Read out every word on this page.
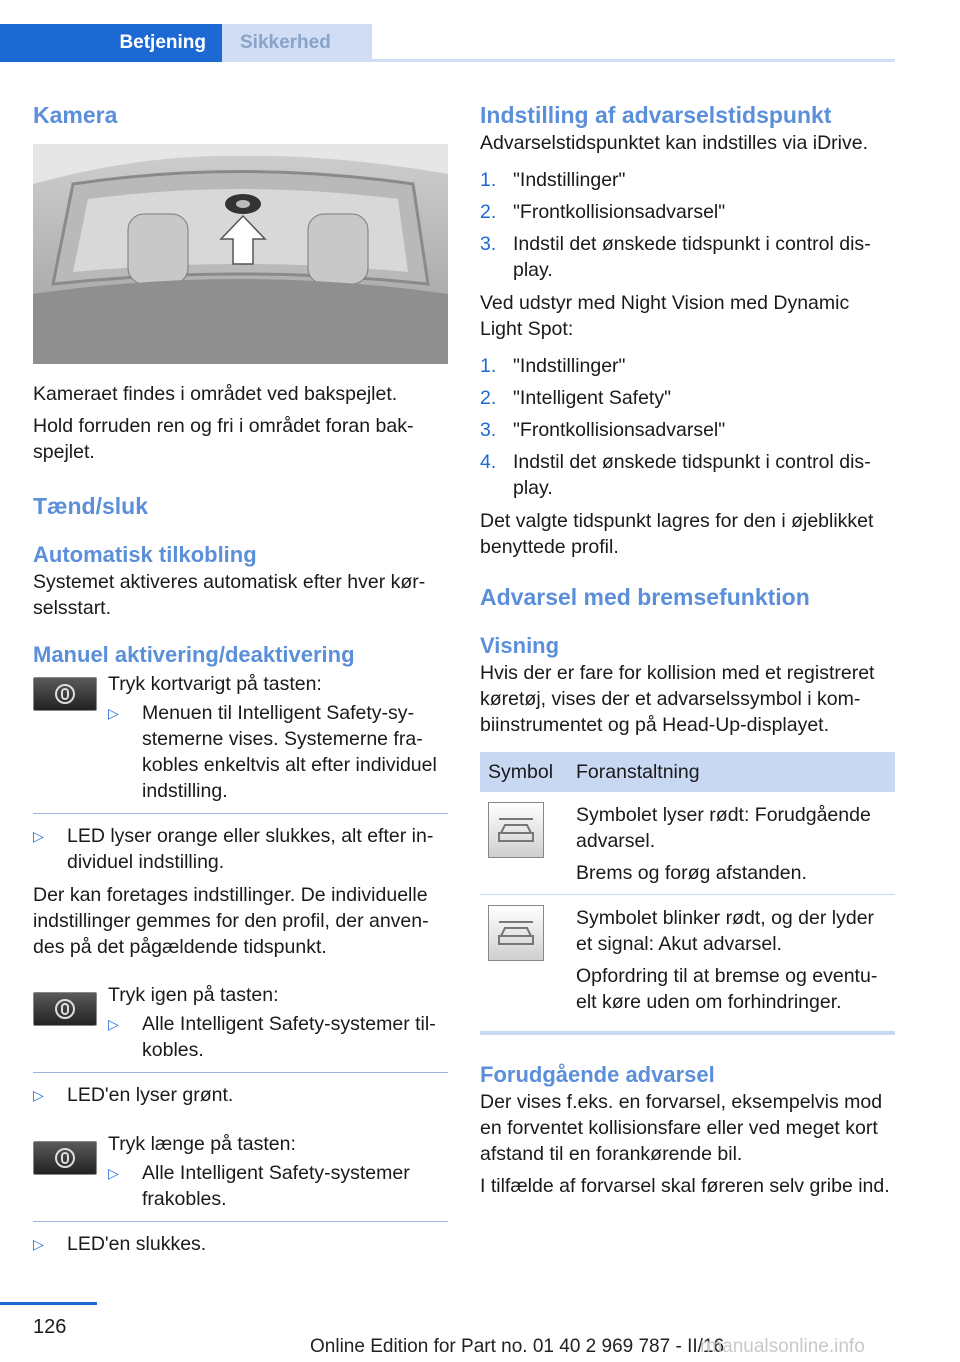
Betjening Sikkerhed
Kamera

Kameraet findes i området ved bakspejlet.

Hold forruden ren og fri i området foran bakspejlet.

Tænd/sluk
Automatisk tilkobling

Systemet aktiveres automatisk efter hver kørselsstart.

Manuel aktivering/deaktivering

Tryk kortvarigt på tasten:

▷	Menuen til Intelligent Safety-systemerne vises. Systemerne frakobles enkeltvis alt efter individuel indstilling.
▷	LED lyser orange eller slukkes, alt efter individuel indstilling.

Der kan foretages indstillinger. De individuelle indstillinger gemmes for den profil, der anvendes på det pågældende tidspunkt.

Tryk igen på tasten:

▷	Alle Intelligent Safety-systemer tilkobles.
▷	LED'en lyser grønt.

Tryk længe på tasten:

▷	Alle Intelligent Safety-systemer frakobles.
▷	LED'en slukkes.
Indstilling af advarselstidspunkt

Advarselstidspunktet kan indstilles via iDrive.

1. "Indstillinger"
2. "Frontkollisionsadvarsel"
3. Indstil det ønskede tidspunkt i control display.

Ved udstyr med Night Vision med Dynamic Light Spot:

1. "Indstillinger"
2. "Intelligent Safety"
3. "Frontkollisionsadvarsel"
4. Indstil det ønskede tidspunkt i control display.

Det valgte tidspunkt lagres for den i øjeblikket benyttede profil.

Advarsel med bremsefunktion
Visning

Hvis der er fare for kollision med et registreret køretøj, vises der et advarselssymbol i kombiinstrumentet og på Head-Up-displayet.

Symbol	Foranstaltning

Symbolet lyser rødt: Forudgående advarsel.
Brems og forøg afstanden.

Symbolet blinker rødt, og der lyder et signal: Akut advarsel.
Opfordring til at bremse og eventuelt køre uden om forhindringer.
Forudgående advarsel

Der vises f.eks. en forvarsel, eksempelvis mod en forventet kollisionsfare eller ved meget kort afstand til en forankørende bil.

I tilfælde af forvarsel skal føreren selv gribe ind.

126
Online Edition for Part no. 01 40 2 969 787 - II/16
rmanualsonline.info
